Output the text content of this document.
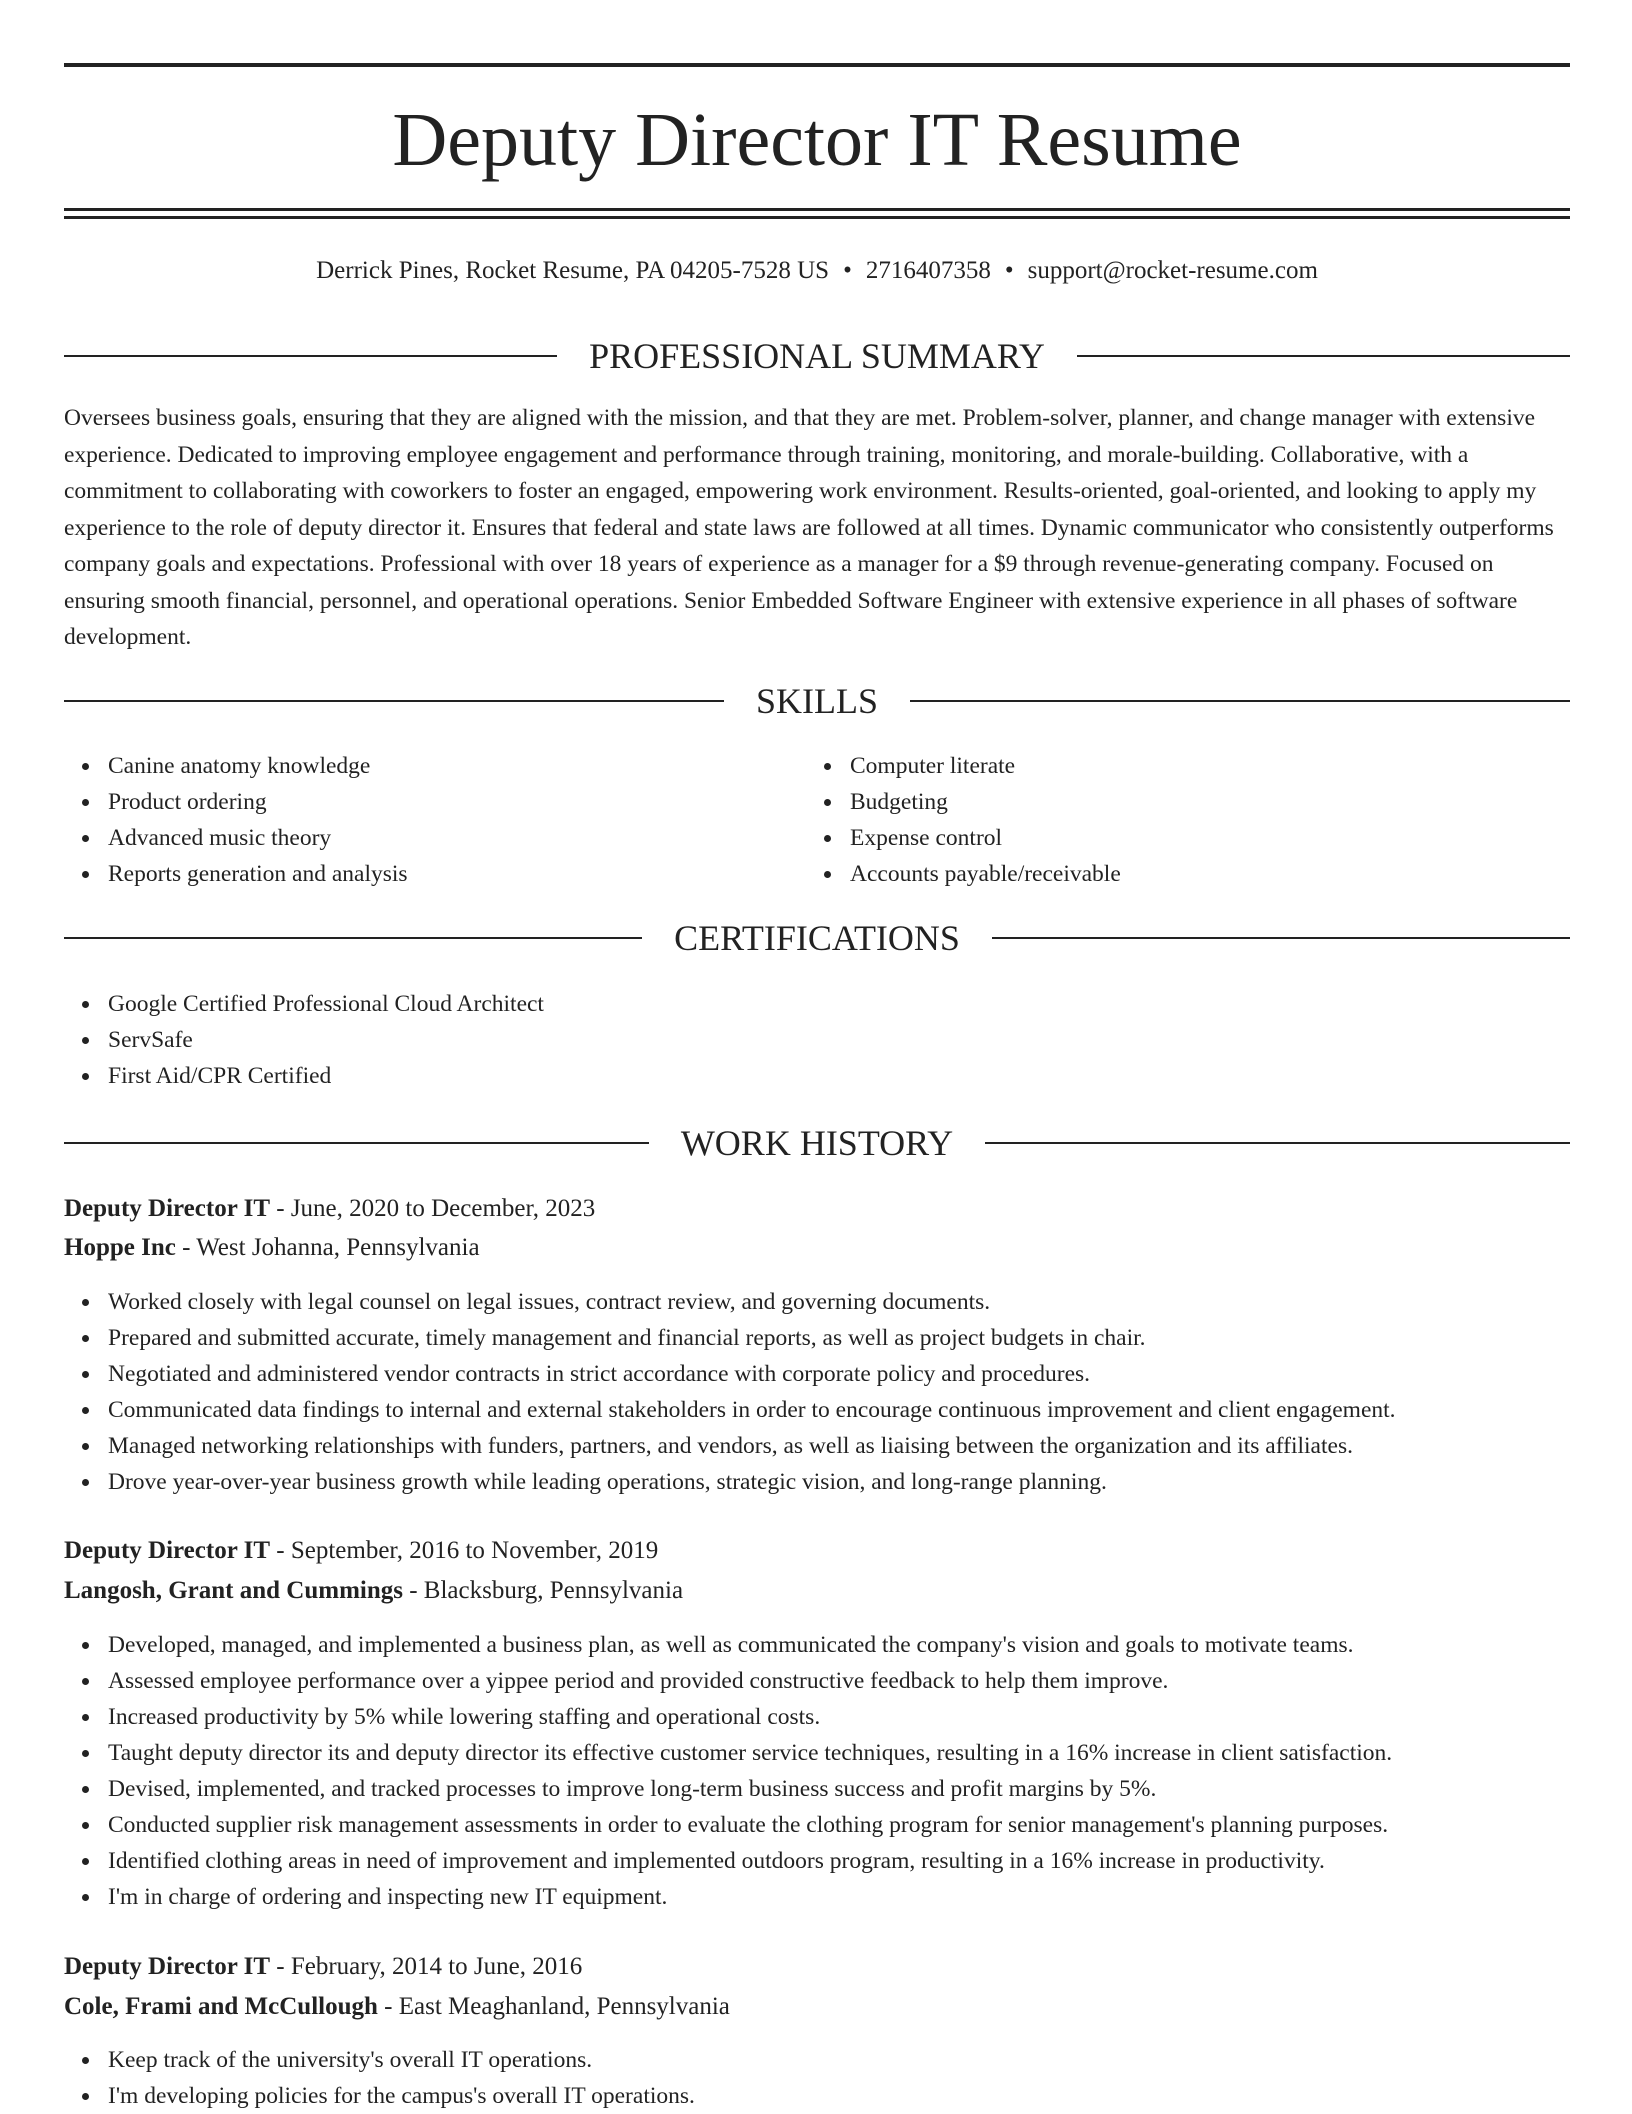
Deputy Director IT Resume
Derrick Pines, Rocket Resume, PA 04205-7528 US • 2716407358 • support@rocket-resume.com
PROFESSIONAL SUMMARY

Oversees business goals, ensuring that they are aligned with the mission, and that they are met. Problem-solver, planner, and change manager with extensive experience. Dedicated to improving employee engagement and performance through training, monitoring, and morale-building. Collaborative, with a commitment to collaborating with coworkers to foster an engaged, empowering work environment. Results-oriented, goal-oriented, and looking to apply my experience to the role of deputy director it. Ensures that federal and state laws are followed at all times. Dynamic communicator who consistently outperforms company goals and expectations. Professional with over 18 years of experience as a manager for a $9 through revenue-generating company. Focused on ensuring smooth financial, personnel, and operational operations. Senior Embedded Software Engineer with extensive experience in all phases of software development.

SKILLS
Canine anatomy knowledge
Product ordering
Advanced music theory
Reports generation and analysis
Computer literate
Budgeting
Expense control
Accounts payable/receivable
CERTIFICATIONS
Google Certified Professional Cloud Architect
ServSafe
First Aid/CPR Certified
WORK HISTORY
Deputy Director IT - June, 2020 to December, 2023
Hoppe Inc - West Johanna, Pennsylvania
Worked closely with legal counsel on legal issues, contract review, and governing documents.
Prepared and submitted accurate, timely management and financial reports, as well as project budgets in chair.
Negotiated and administered vendor contracts in strict accordance with corporate policy and procedures.
Communicated data findings to internal and external stakeholders in order to encourage continuous improvement and client engagement.
Managed networking relationships with funders, partners, and vendors, as well as liaising between the organization and its affiliates.
Drove year-over-year business growth while leading operations, strategic vision, and long-range planning.
Deputy Director IT - September, 2016 to November, 2019
Langosh, Grant and Cummings - Blacksburg, Pennsylvania
Developed, managed, and implemented a business plan, as well as communicated the company's vision and goals to motivate teams.
Assessed employee performance over a yippee period and provided constructive feedback to help them improve.
Increased productivity by 5% while lowering staffing and operational costs.
Taught deputy director its and deputy director its effective customer service techniques, resulting in a 16% increase in client satisfaction.
Devised, implemented, and tracked processes to improve long-term business success and profit margins by 5%.
Conducted supplier risk management assessments in order to evaluate the clothing program for senior management's planning purposes.
Identified clothing areas in need of improvement and implemented outdoors program, resulting in a 16% increase in productivity.
I'm in charge of ordering and inspecting new IT equipment.
Deputy Director IT - February, 2014 to June, 2016
Cole, Frami and McCullough - East Meaghanland, Pennsylvania
Keep track of the university's overall IT operations.
I'm developing policies for the campus's overall IT operations.
